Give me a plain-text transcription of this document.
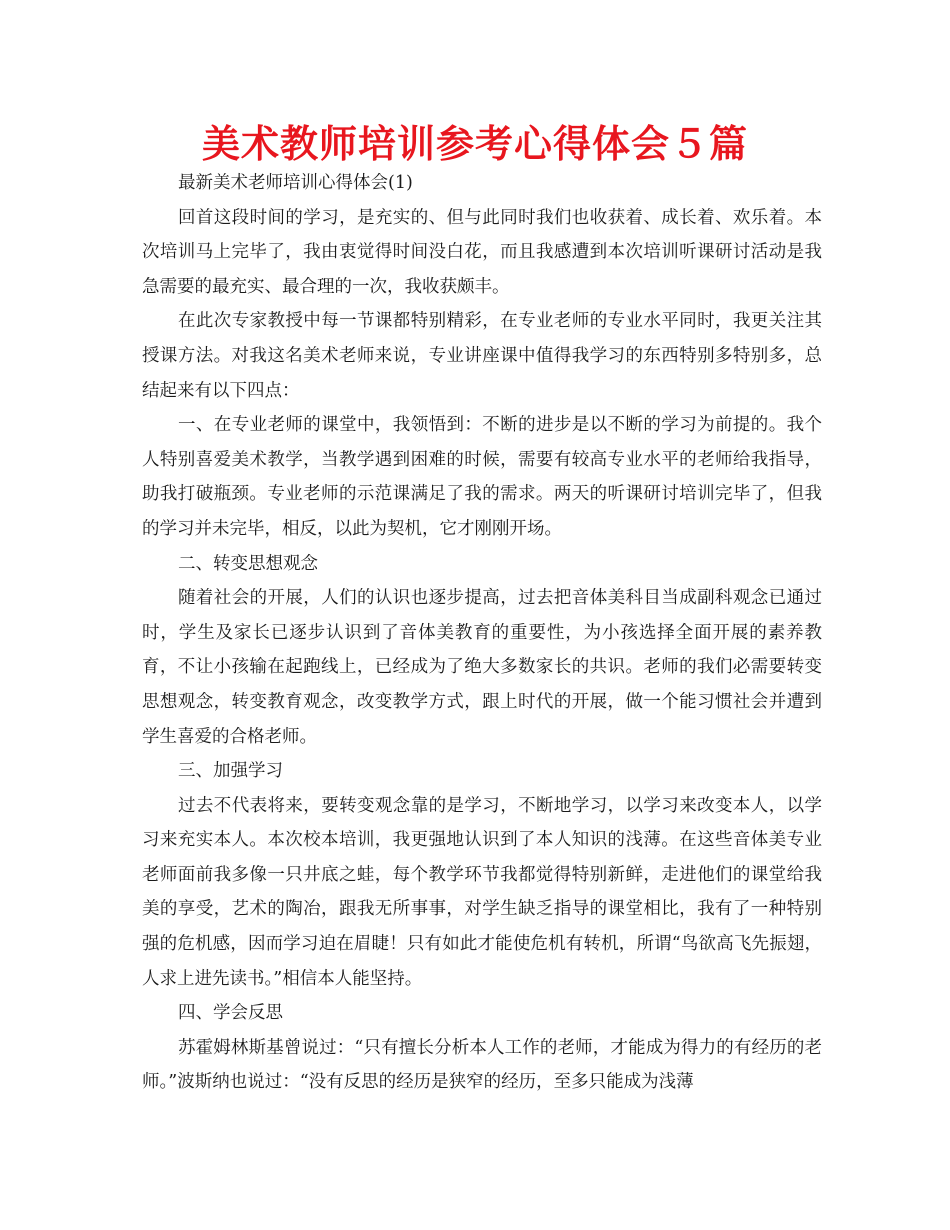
美术教师培训参考心得体会５篇

最新美术老师培训心得体会(1)

回首这段时间的学习，是充实的、但与此同时我们也收获着、成长着、欢乐着。本次培训马上完毕了，我由衷觉得时间没白花，而且我感遭到本次培训听课研讨活动是我急需要的最充实、最合理的一次，我收获颇丰。

在此次专家教授中每一节课都特别精彩，在专业老师的专业水平同时，我更关注其授课方法。对我这名美术老师来说，专业讲座课中值得我学习的东西特别多特别多，总结起来有以下四点：

一、在专业老师的课堂中，我领悟到：不断的进步是以不断的学习为前提的。我个人特别喜爱美术教学，当教学遇到困难的时候，需要有较高专业水平的老师给我指导，助我打破瓶颈。专业老师的示范课满足了我的需求。两天的听课研讨培训完毕了，但我的学习并未完毕，相反，以此为契机，它才刚刚开场。

二、转变思想观念

随着社会的开展，人们的认识也逐步提高，过去把音体美科目当成副科观念已通过时，学生及家长已逐步认识到了音体美教育的重要性，为小孩选择全面开展的素养教育，不让小孩输在起跑线上，已经成为了绝大多数家长的共识。老师的我们必需要转变思想观念，转变教育观念，改变教学方式，跟上时代的开展，做一个能习惯社会并遭到学生喜爱的合格老师。

三、加强学习

过去不代表将来，要转变观念靠的是学习，不断地学习，以学习来改变本人，以学习来充实本人。本次校本培训，我更强地认识到了本人知识的浅薄。在这些音体美专业老师面前我多像一只井底之蛙，每个教学环节我都觉得特别新鲜，走进他们的课堂给我美的享受，艺术的陶冶，跟我无所事事，对学生缺乏指导的课堂相比，我有了一种特别强的危机感，因而学习迫在眉睫！只有如此才能使危机有转机，所谓“鸟欲高飞先振翅，人求上进先读书。”相信本人能坚持。

四、学会反思

苏霍姆林斯基曾说过：“只有擅长分析本人工作的老师，才能成为得力的有经历的老师。”波斯纳也说过：“没有反思的经历是狭窄的经历，至多只能成为浅薄
